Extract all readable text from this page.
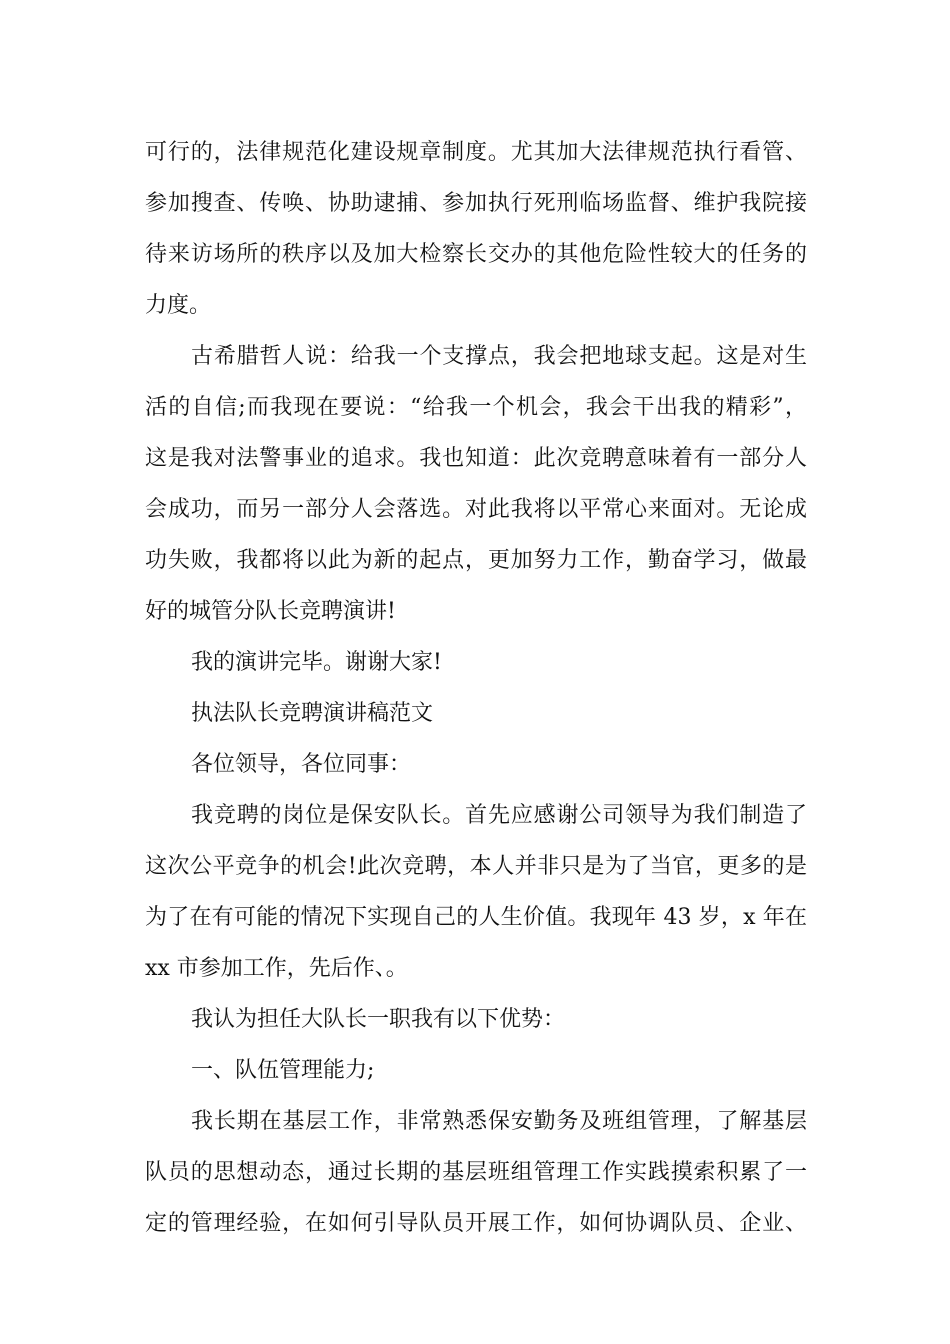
可行的，法律规范化建设规章制度。尤其加大法律规范执行看管、
参加搜查、传唤、协助逮捕、参加执行死刑临场监督、维护我院接
待来访场所的秩序以及加大检察长交办的其他危险性较大的任务的
力度。
古希腊哲人说：给我一个支撑点，我会把地球支起。这是对生
活的自信;而我现在要说：“给我一个机会，我会干出我的精彩”，
这是我对法警事业的追求。我也知道：此次竞聘意味着有一部分人
会成功，而另一部分人会落选。对此我将以平常心来面对。无论成
功失败，我都将以此为新的起点，更加努力工作，勤奋学习，做最
好的城管分队长竞聘演讲!
我的演讲完毕。谢谢大家!
执法队长竞聘演讲稿范文
各位领导，各位同事：
我竞聘的岗位是保安队长。首先应感谢公司领导为我们制造了
这次公平竞争的机会!此次竞聘，本人并非只是为了当官，更多的是
为了在有可能的情况下实现自己的人生价值。我现年 43 岁，x 年在
xx 市参加工作，先后作、。
我认为担任大队长一职我有以下优势：
一、队伍管理能力;
我长期在基层工作，非常熟悉保安勤务及班组管理，了解基层
队员的思想动态，通过长期的基层班组管理工作实践摸索积累了一
定的管理经验，在如何引导队员开展工作，如何协调队员、企业、
